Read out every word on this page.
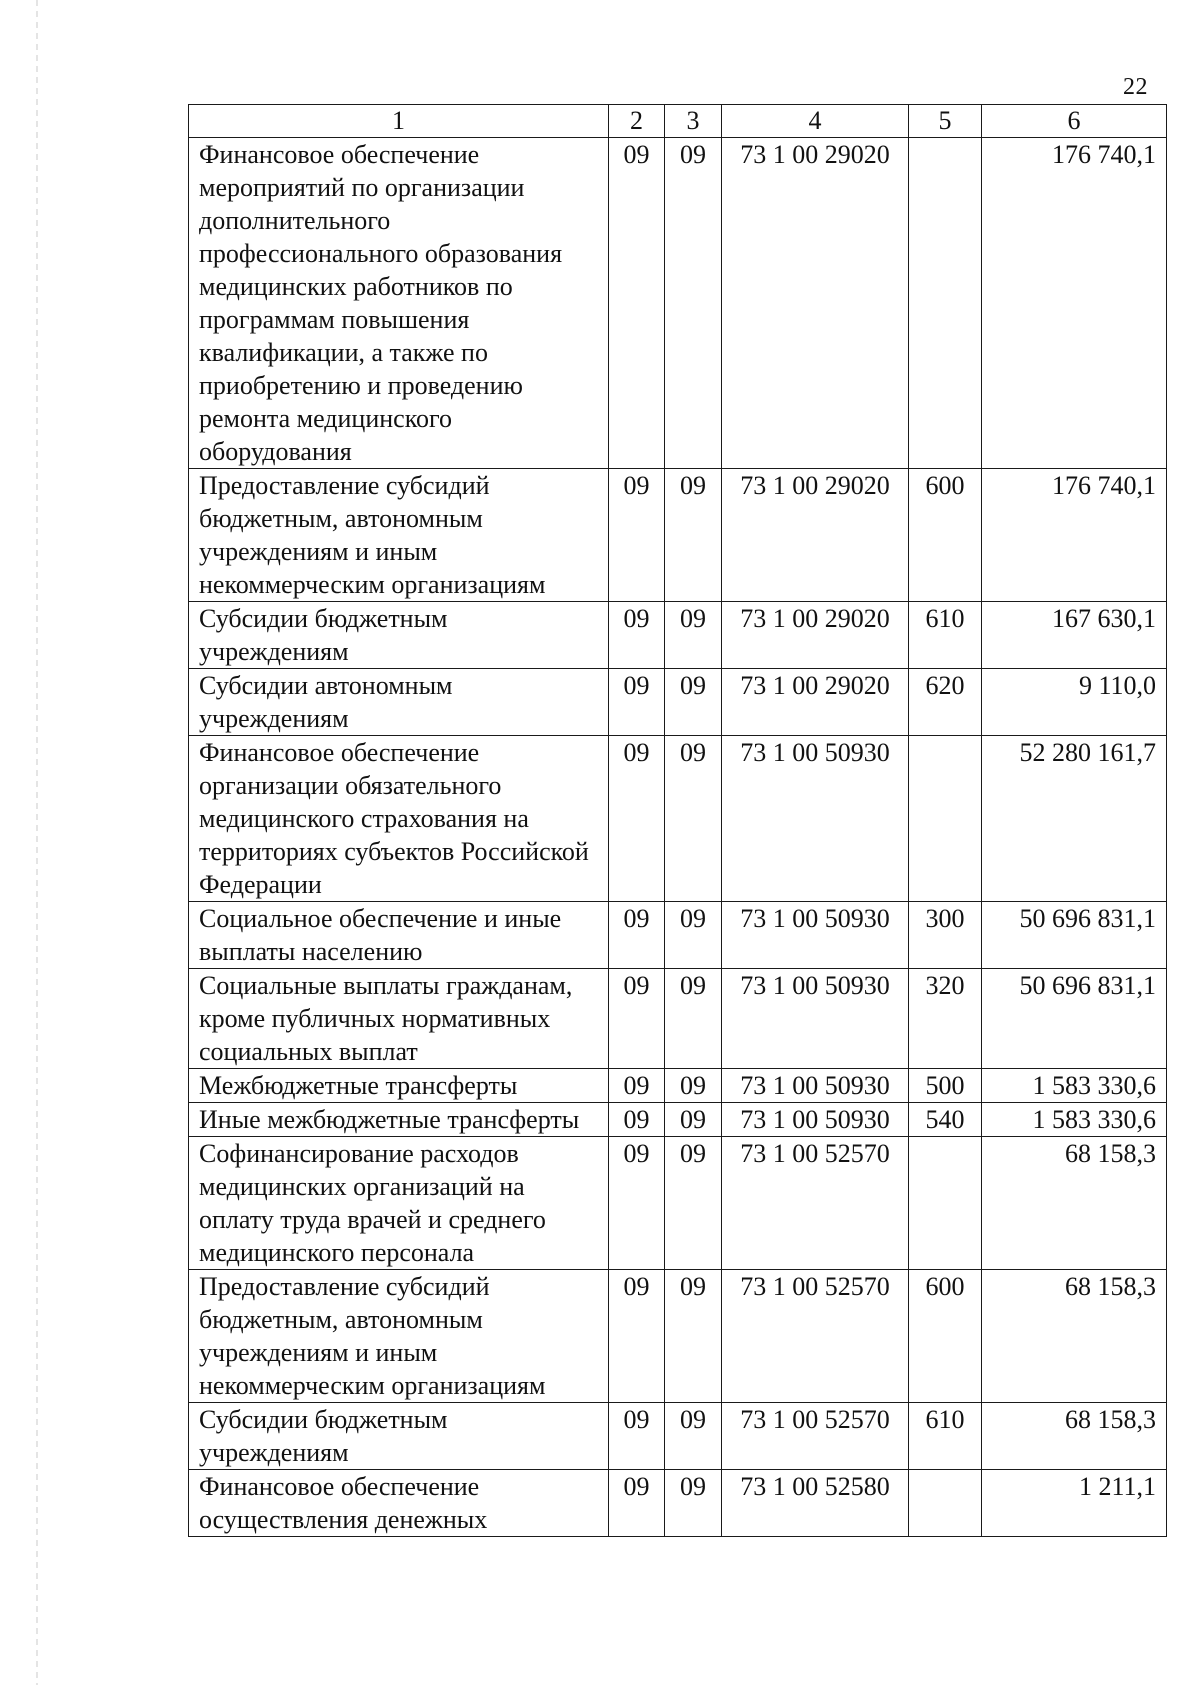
22
1	2	3	4	5	6
Финансовое обеспечение мероприятий по организации дополнительного профессионального образования медицинских работников по программам повышения квалификации, а также по приобретению и проведению ремонта медицинского оборудования	09	09	73 1 00 29020		176 740,1
Предоставление субсидий бюджетным, автономным учреждениям и иным некоммерческим организациям	09	09	73 1 00 29020	600	176 740,1
Субсидии бюджетным учреждениям	09	09	73 1 00 29020	610	167 630,1
Субсидии автономным учреждениям	09	09	73 1 00 29020	620	9 110,0
Финансовое обеспечение организации обязательного медицинского страхования на территориях субъектов Российской Федерации	09	09	73 1 00 50930		52 280 161,7
Социальное обеспечение и иные выплаты населению	09	09	73 1 00 50930	300	50 696 831,1
Социальные выплаты гражданам, кроме публичных нормативных социальных выплат	09	09	73 1 00 50930	320	50 696 831,1
Межбюджетные трансферты	09	09	73 1 00 50930	500	1 583 330,6
Иные межбюджетные трансферты	09	09	73 1 00 50930	540	1 583 330,6
Софинансирование расходов медицинских организаций на оплату труда врачей и среднего медицинского персонала	09	09	73 1 00 52570		68 158,3
Предоставление субсидий бюджетным, автономным учреждениям и иным некоммерческим организациям	09	09	73 1 00 52570	600	68 158,3
Субсидии бюджетным учреждениям	09	09	73 1 00 52570	610	68 158,3
Финансовое обеспечение осуществления денежных	09	09	73 1 00 52580		1 211,1
